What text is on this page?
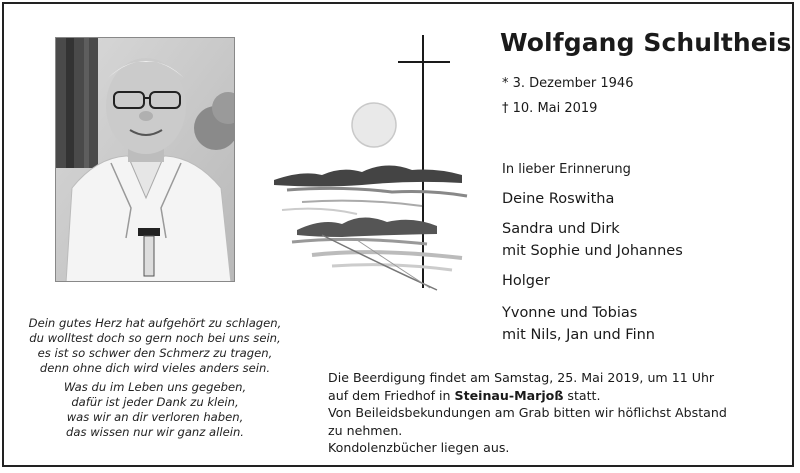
Dein gutes Herz hat aufgehört zu schlagen,
du wolltest doch so gern noch bei uns sein,
es ist so schwer den Schmerz zu tragen,
denn ohne dich wird vieles anders sein.
Was du im Leben uns gegeben,
dafür ist jeder Dank zu klein,
was wir an dir verloren haben,
das wissen nur wir ganz allein.
Wolfgang Schultheis
* 3. Dezember 1946
† 10. Mai 2019
In lieber Erinnerung
Deine Roswitha
Sandra und Dirk
mit Sophie und Johannes
Holger
Yvonne und Tobias
mit Nils, Jan und Finn
Die Beerdigung findet am Samstag, 25. Mai 2019, um 11 Uhr
auf dem Friedhof in Steinau-Marjoß statt.
Von Beileidsbekundungen am Grab bitten wir höflichst Abstand
zu nehmen.
Kondolenzbücher liegen aus.
